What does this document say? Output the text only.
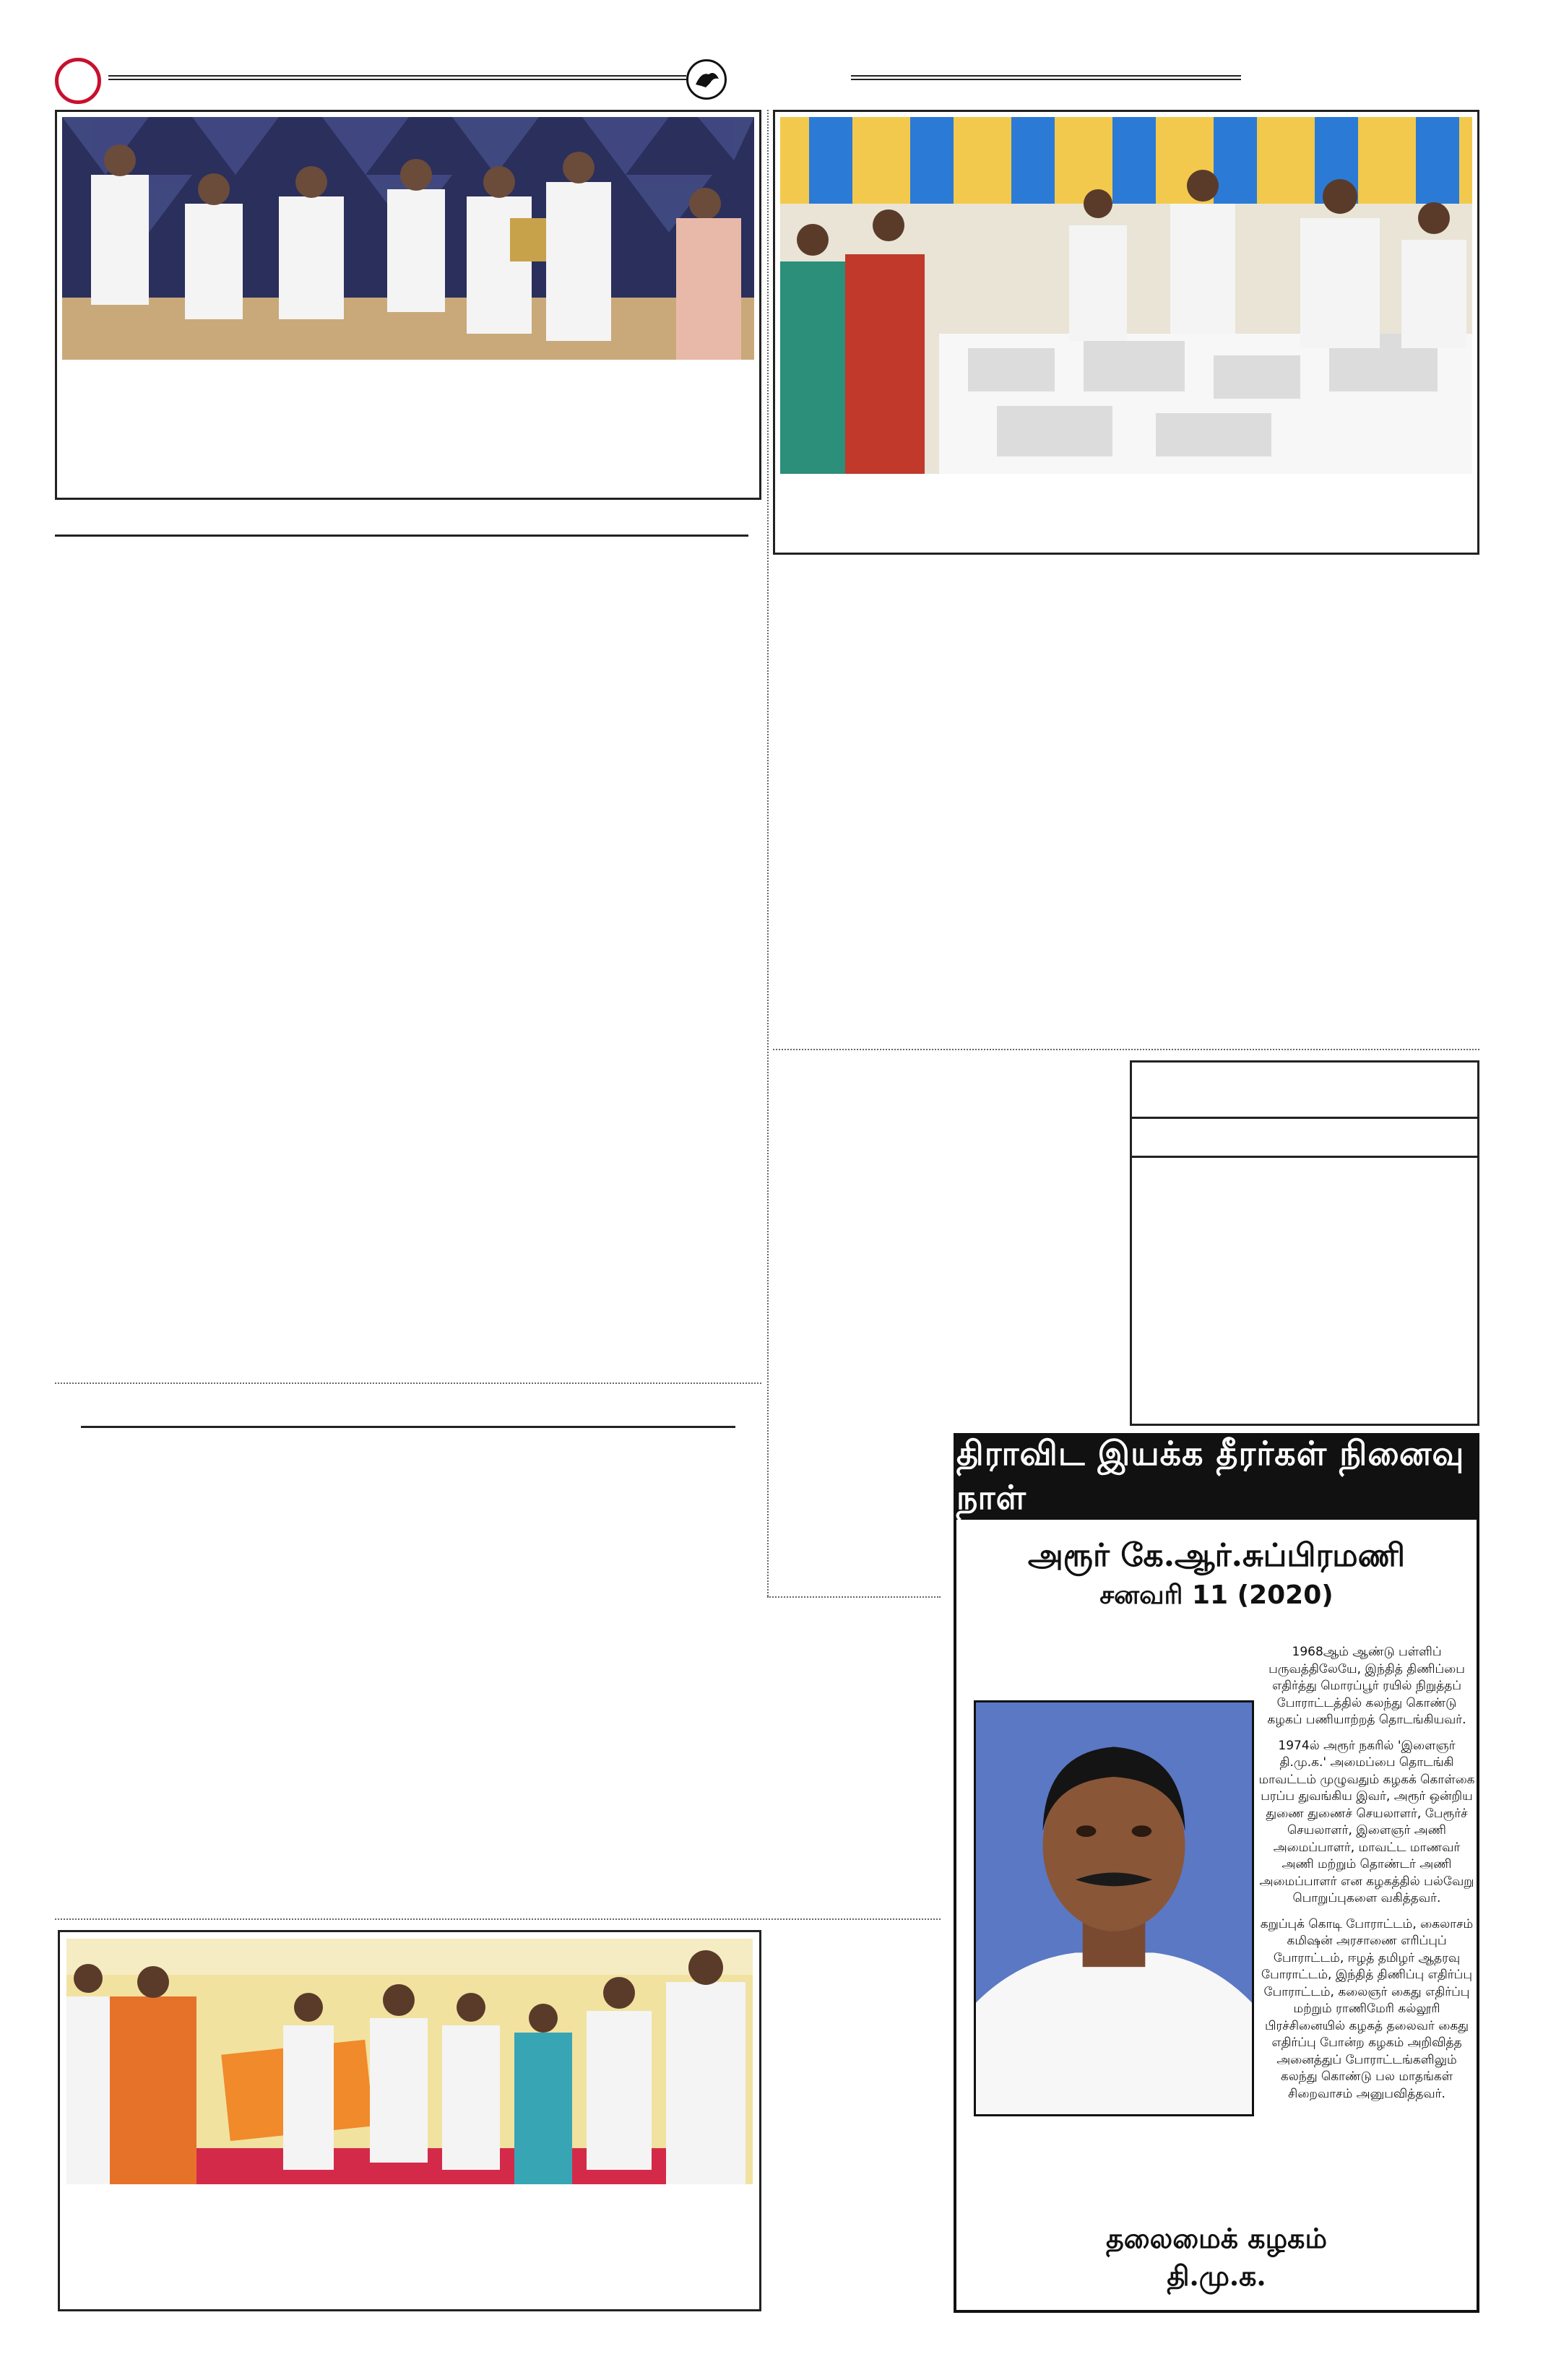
திராவிட இயக்க தீரர்கள் நினைவு நாள்
அரூர் கே.ஆர்.சுப்பிரமணி
சனவரி 11 (2020)

1968ஆம் ஆண்டு பள்ளிப் பருவத்திலேயே, இந்தித் திணிப்பை எதிர்த்து மொரப்பூர் ரயில் நிறுத்தப் போராட்டத்தில் கலந்து கொண்டு கழகப் பணியாற்றத் தொடங்கியவர்.

1974ல் அரூர் நகரில் 'இளைஞர் தி.மு.க.' அமைப்பை தொடங்கி மாவட்டம் முழுவதும் கழகக் கொள்கை பரப்ப துவங்கிய இவர், அரூர் ஒன்றிய துணை துணைச் செயலாளர், பேரூர்ச் செயலாளர், இளைஞர் அணி அமைப்பாளர், மாவட்ட மாணவர் அணி மற்றும் தொண்டர் அணி அமைப்பாளர் என கழகத்தில் பல்வேறு பொறுப்புகளை வகித்தவர்.

கறுப்புக் கொடி போராட்டம், கைலாசம் கமிஷன் அரசாணை எரிப்புப் போராட்டம், ஈழத் தமிழர் ஆதரவு போராட்டம், இந்தித் திணிப்பு எதிர்ப்பு போராட்டம், கலைஞர் கைது எதிர்ப்பு மற்றும் ராணிமேரி கல்லூரி பிரச்சினையில் கழகத் தலைவர் கைது எதிர்ப்பு போன்ற கழகம் அறிவித்த அனைத்துப் போராட்டங்களிலும் கலந்து கொண்டு பல மாதங்கள் சிறைவாசம் அனுபவித்தவர்.

தலைமைக் கழகம்
தி.மு.க.
